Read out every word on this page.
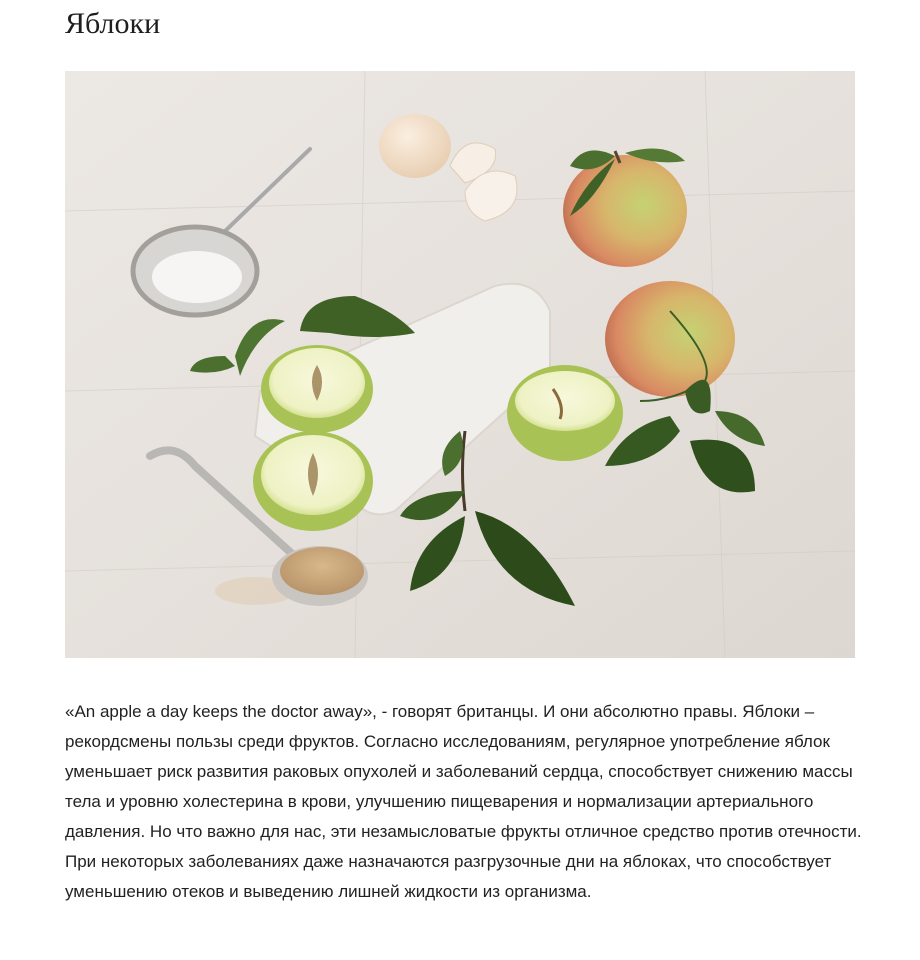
Яблоки

«An apple a day keeps the doctor away», - говорят британцы. И они абсолютно правы. Яблоки – рекордсмены пользы среди фруктов. Согласно исследованиям, регулярное употребление яблок уменьшает риск развития раковых опухолей и заболеваний сердца, способствует снижению массы тела и уровню холестерина в крови, улучшению пищеварения и нормализации артериального давления. Но что важно для нас, эти незамысловатые фрукты отличное средство против отечности. При некоторых заболеваниях даже назначаются разгрузочные дни на яблоках, что способствует уменьшению отеков и выведению лишней жидкости из организма.
